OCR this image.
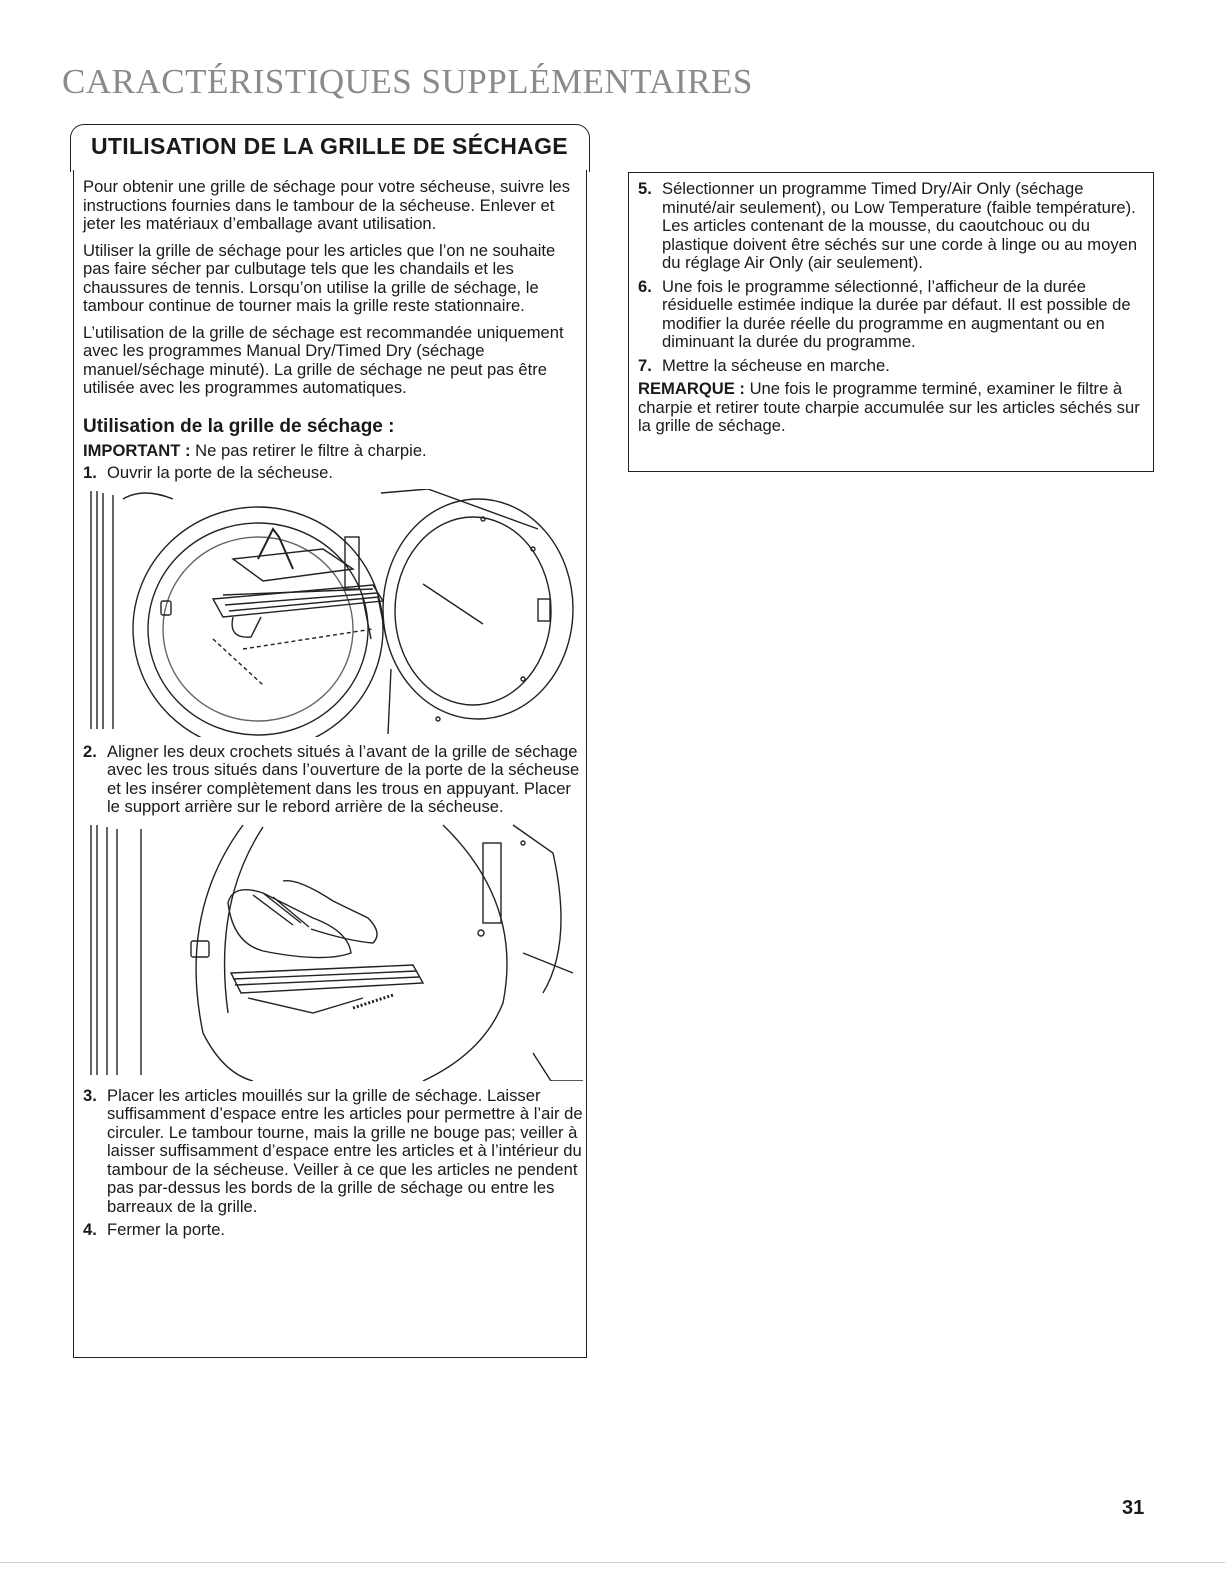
CARACTÉRISTIQUES SUPPLÉMENTAIRES
UTILISATION DE LA GRILLE DE SÉCHAGE

Pour obtenir une grille de séchage pour votre sécheuse, suivre les instructions fournies dans le tambour de la sécheuse. Enlever et jeter les matériaux d’emballage avant utilisation.

Utiliser la grille de séchage pour les articles que l’on ne souhaite pas faire sécher par culbutage tels que les chandails et les chaussures de tennis. Lorsqu’on utilise la grille de séchage, le tambour continue de tourner mais la grille reste stationnaire.

L’utilisation de la grille de séchage est recommandée uniquement avec les programmes Manual Dry/Timed Dry (séchage manuel/séchage minuté). La grille de séchage ne peut pas être utilisée avec les programmes automatiques.

Utilisation de la grille de séchage :

IMPORTANT : Ne pas retirer le filtre à charpie.

1. Ouvrir la porte de la sécheuse.
2. Aligner les deux crochets situés à l’avant de la grille de séchage avec les trous situés dans l’ouverture de la porte de la sécheuse et les insérer complètement dans les trous en appuyant. Placer le support arrière sur le rebord arrière de la sécheuse.
3. Placer les articles mouillés sur la grille de séchage. Laisser suffisamment d’espace entre les articles pour permettre à l’air de circuler. Le tambour tourne, mais la grille ne bouge pas; veiller à laisser suffisamment d’espace entre les articles et à l’intérieur du tambour de la sécheuse. Veiller à ce que les articles ne pendent pas par-dessus les bords de la grille de séchage ou entre les barreaux de la grille.
4. Fermer la porte.
5. Sélectionner un programme Timed Dry/Air Only (séchage minuté/air seulement), ou Low Temperature (faible température). Les articles contenant de la mousse, du caoutchouc ou du plastique doivent être séchés sur une corde à linge ou au moyen du réglage Air Only (air seulement).
6. Une fois le programme sélectionné, l’afficheur de la durée résiduelle estimée indique la durée par défaut. Il est possible de modifier la durée réelle du programme en augmentant ou en diminuant la durée du programme.
7. Mettre la sécheuse en marche.

REMARQUE : Une fois le programme terminé, examiner le filtre à charpie et retirer toute charpie accumulée sur les articles séchés sur la grille de séchage.

31
